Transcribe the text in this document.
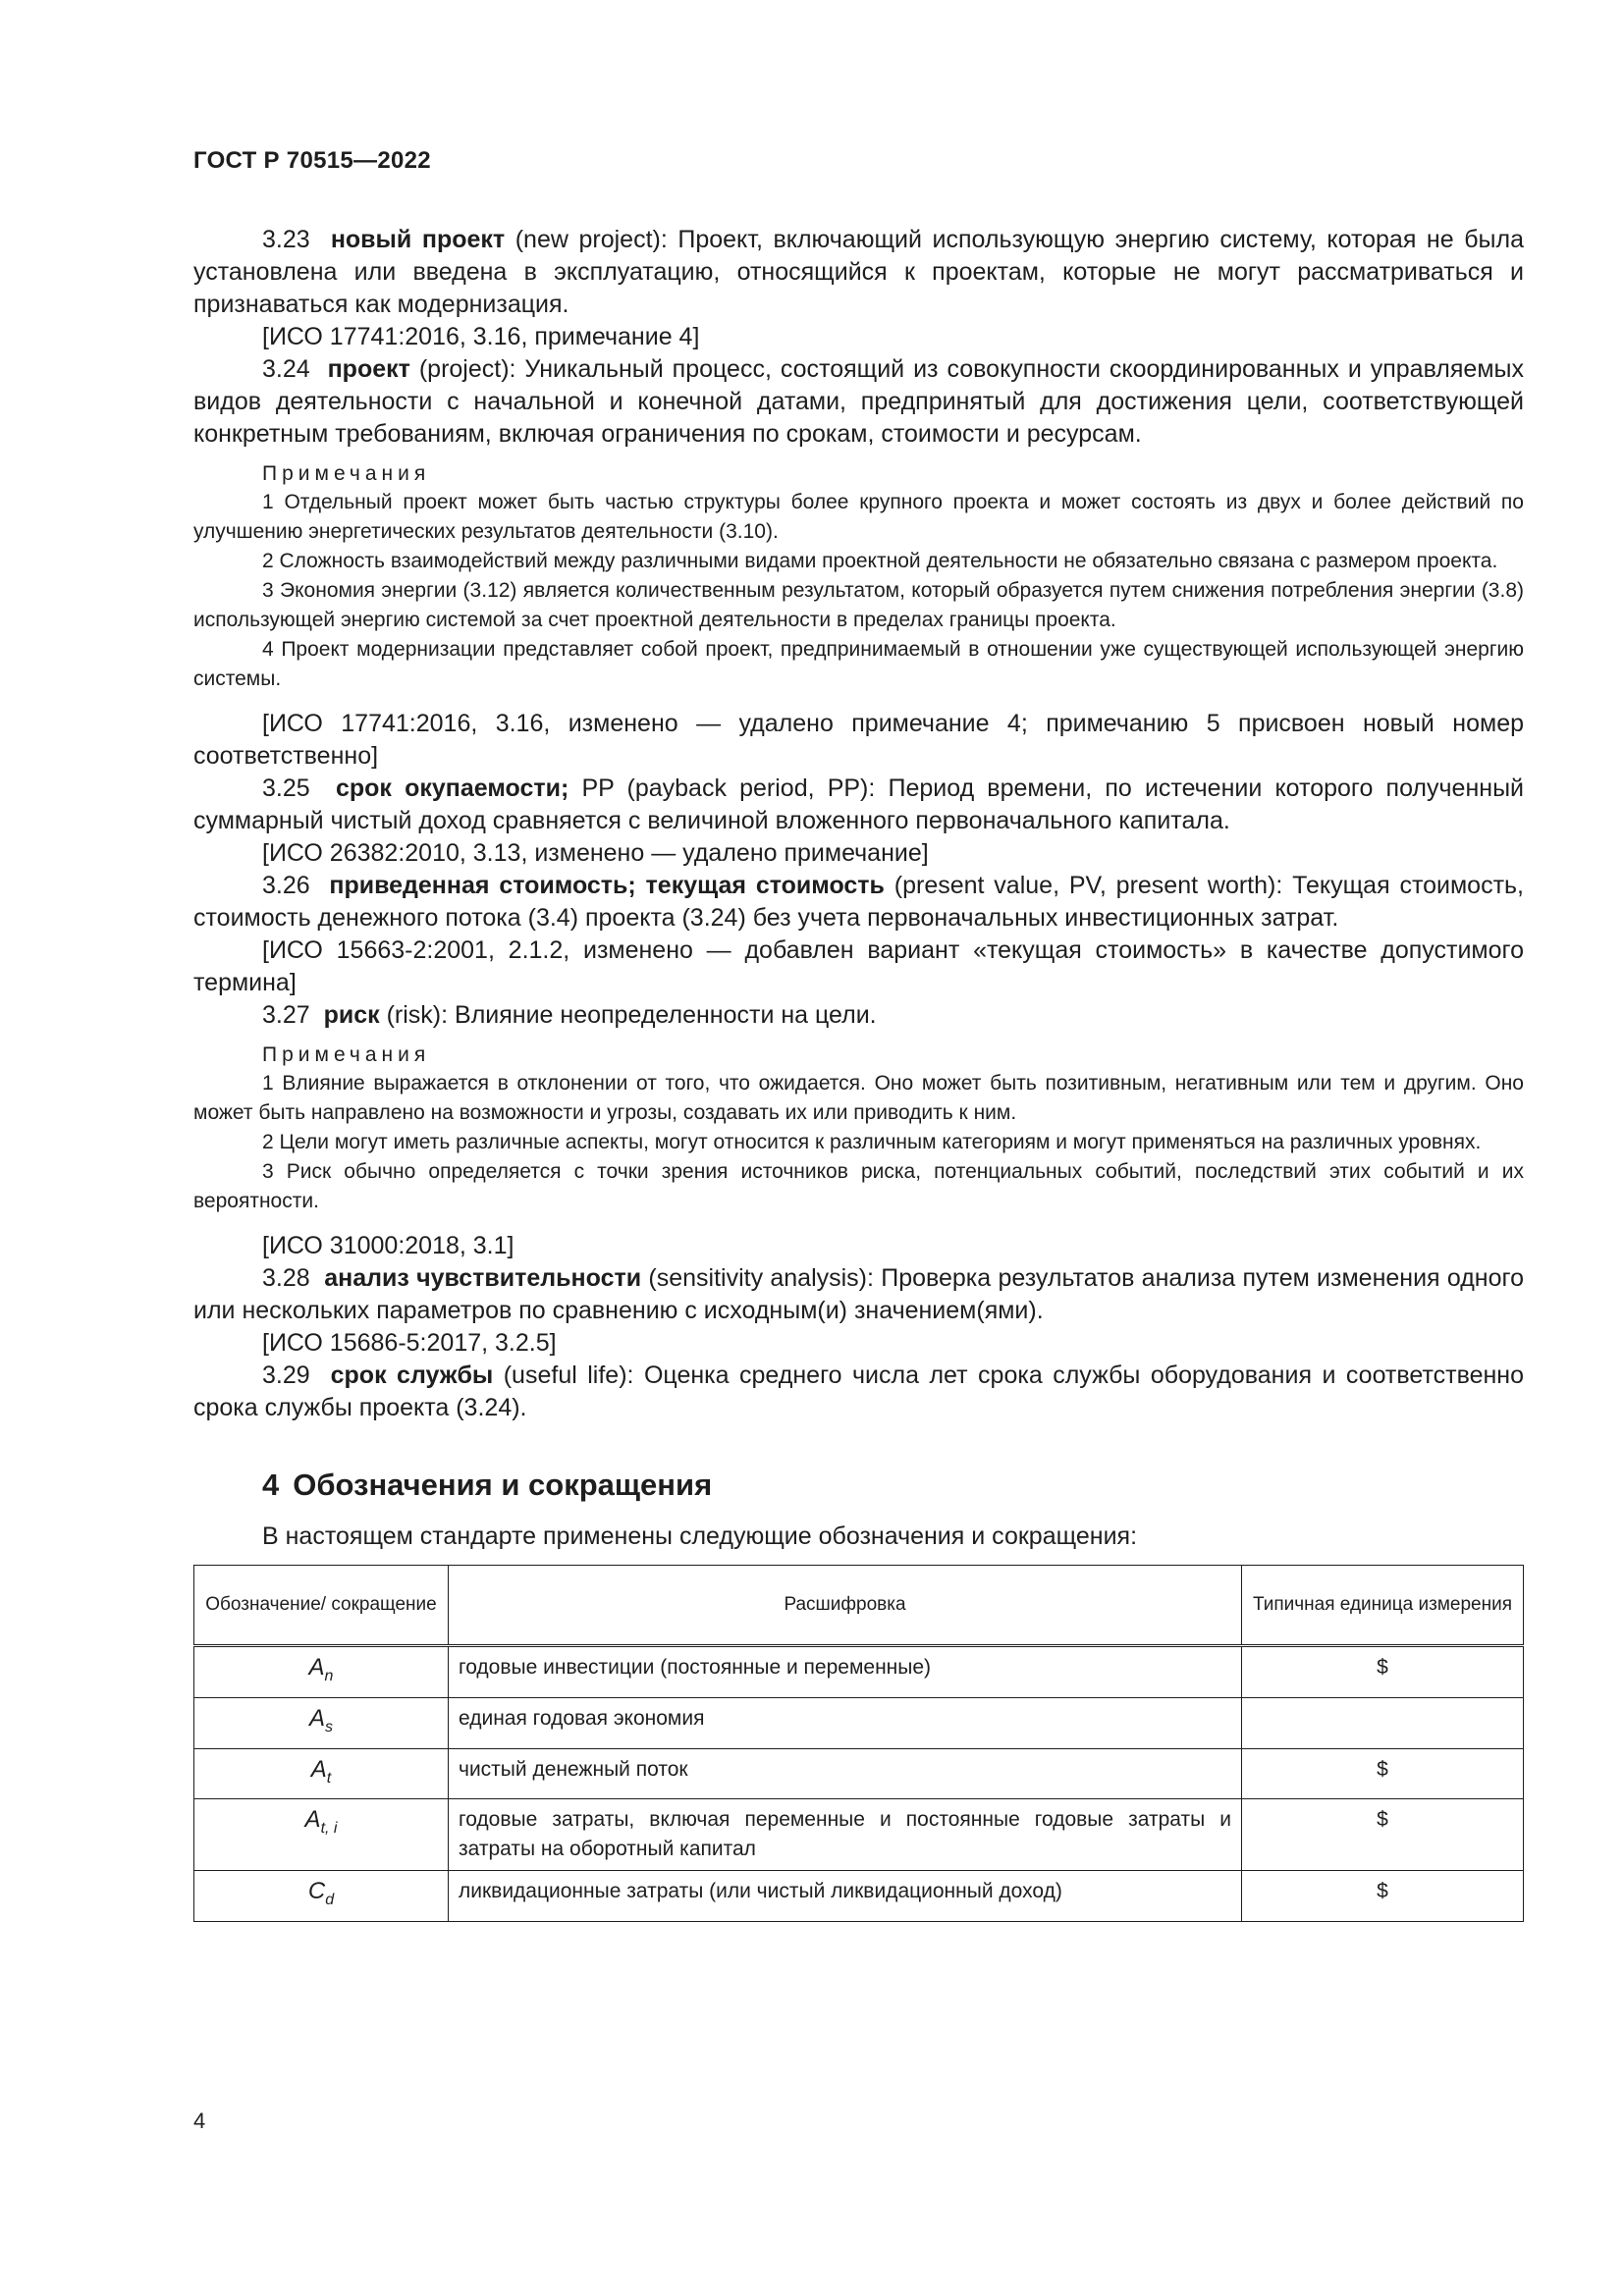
ГОСТ Р 70515—2022

3.23 новый проект (new project): Проект, включающий использующую энергию систему, которая не была установлена или введена в эксплуатацию, относящийся к проектам, которые не могут рассматриваться и признаваться как модернизация.

[ИСО 17741:2016, 3.16, примечание 4]

3.24 проект (project): Уникальный процесс, состоящий из совокупности скоординированных и управляемых видов деятельности с начальной и конечной датами, предпринятый для достижения цели, соответствующей конкретным требованиям, включая ограничения по срокам, стоимости и ресурсам.

Примечания

1 Отдельный проект может быть частью структуры более крупного проекта и может состоять из двух и более действий по улучшению энергетических результатов деятельности (3.10).

2 Сложность взаимодействий между различными видами проектной деятельности не обязательно связана с размером проекта.

3 Экономия энергии (3.12) является количественным результатом, который образуется путем снижения потребления энергии (3.8) использующей энергию системой за счет проектной деятельности в пределах границы проекта.

4 Проект модернизации представляет собой проект, предпринимаемый в отношении уже существующей использующей энергию системы.

[ИСО 17741:2016, 3.16, изменено — удалено примечание 4; примечанию 5 присвоен новый номер соответственно]

3.25 срок окупаемости; PP (payback period, PP): Период времени, по истечении которого полученный суммарный чистый доход сравняется с величиной вложенного первоначального капитала.

[ИСО 26382:2010, 3.13, изменено — удалено примечание]

3.26 приведенная стоимость; текущая стоимость (present value, PV, present worth): Текущая стоимость, стоимость денежного потока (3.4) проекта (3.24) без учета первоначальных инвестиционных затрат.

[ИСО 15663-2:2001, 2.1.2, изменено — добавлен вариант «текущая стоимость» в качестве допустимого термина]

3.27 риск (risk): Влияние неопределенности на цели.

Примечания

1 Влияние выражается в отклонении от того, что ожидается. Оно может быть позитивным, негативным или тем и другим. Оно может быть направлено на возможности и угрозы, создавать их или приводить к ним.

2 Цели могут иметь различные аспекты, могут относится к различным категориям и могут применяться на различных уровнях.

3 Риск обычно определяется с точки зрения источников риска, потенциальных событий, последствий этих событий и их вероятности.

[ИСО 31000:2018, 3.1]

3.28 анализ чувствительности (sensitivity analysis): Проверка результатов анализа путем изменения одного или нескольких параметров по сравнению с исходным(и) значением(ями).

[ИСО 15686-5:2017, 3.2.5]

3.29 срок службы (useful life): Оценка среднего числа лет срока службы оборудования и соответственно срока службы проекта (3.24).

4 Обозначения и сокращения

В настоящем стандарте применены следующие обозначения и сокращения:

Обозначение/ сокращение	Расшифровка	Типичная единица измерения
$A_n$	годовые инвестиции (постоянные и переменные)	$
$A_s$	единая годовая экономия	
$A_t$	чистый денежный поток	$
$A_{t, i}$	годовые затраты, включая переменные и постоянные годовые затраты и затраты на оборотный капитал	$
$C_d$	ликвидационные затраты (или чистый ликвидационный доход)	$
4
